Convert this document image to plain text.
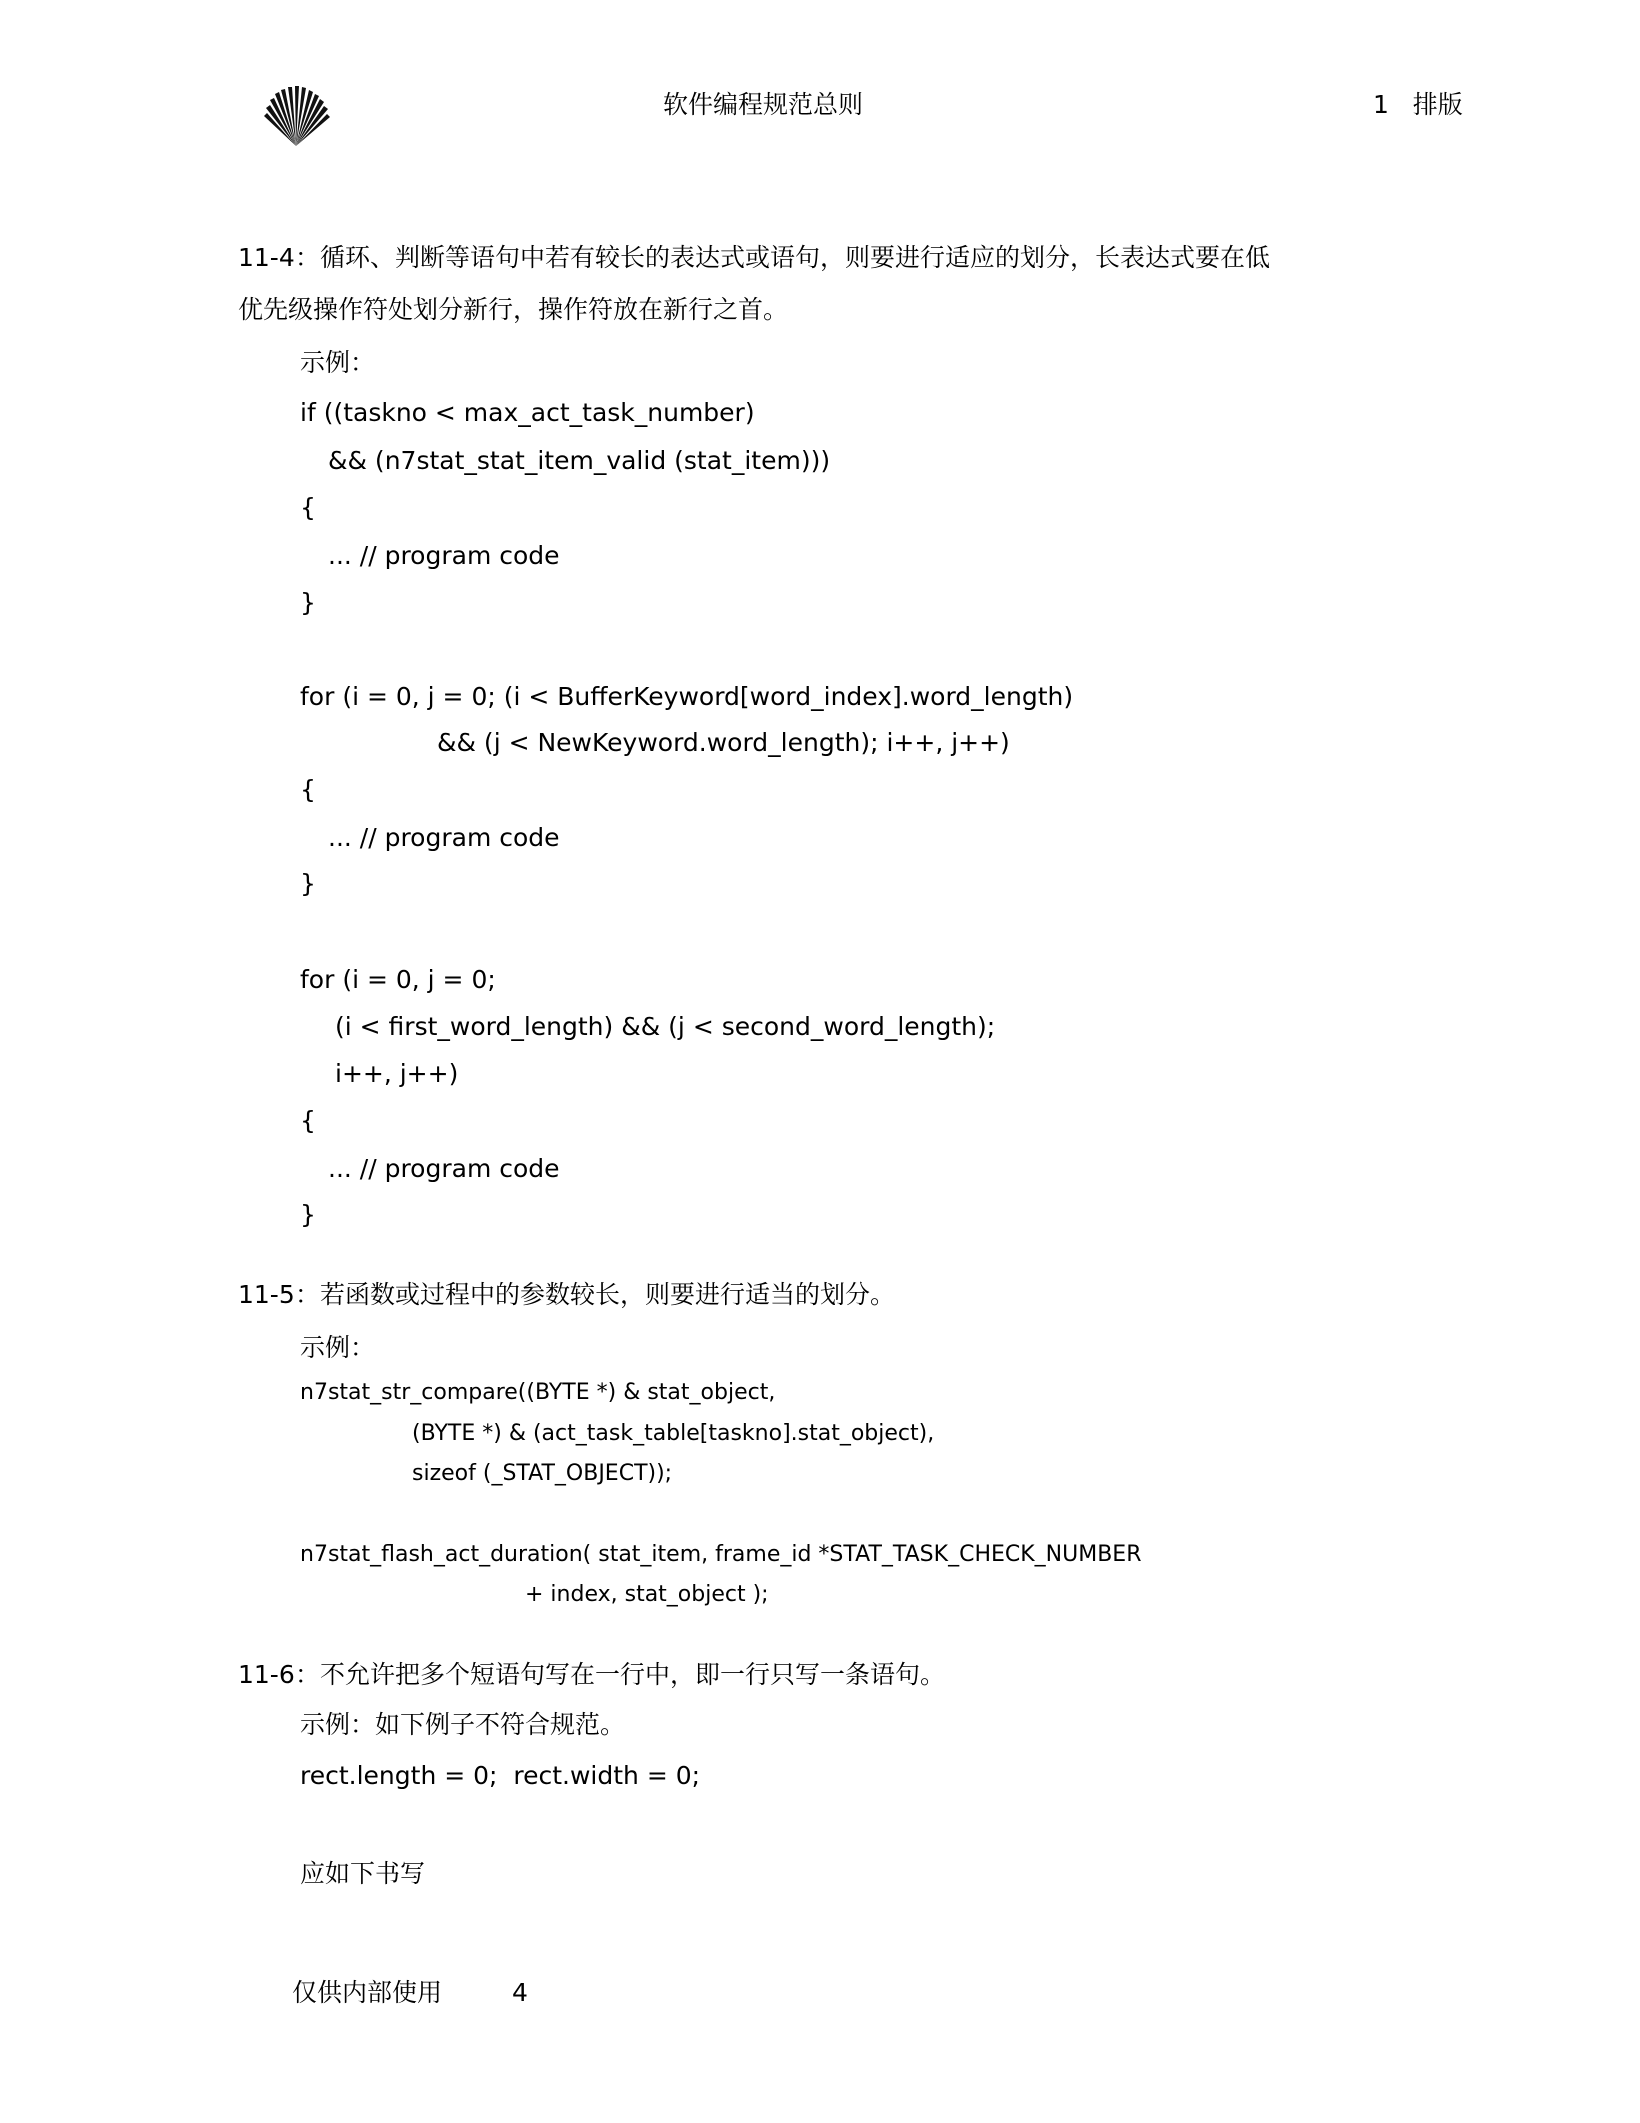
软件编程规范总则	1   排版
11-4 ：循环、判断等语句中若有较长的表达式或语句，则要进行适应的划分，长表达式要在低
优先级操作符处划分新行，操作符放在新行之首。
示例：
if ((taskno < max_act_task_number)
&& (n7stat_stat_item_valid (stat_item)))
{
... // program code
}
for (i = 0, j = 0; (i < BufferKeyword[word_index].word_length)
&& (j < NewKeyword.word_length); i++, j++)
{
... // program code
}
for (i = 0, j = 0;
(i < first_word_length) && (j < second_word_length);
i++, j++)
{
... // program code
}
11-5 ：若函数或过程中的参数较长，则要进行适当的划分。
示例：
n7stat_str_compare((BYTE *) & stat_object,
(BYTE *) & (act_task_table[taskno].stat_object),
sizeof (_STAT_OBJECT));
n7stat_flash_act_duration( stat_item, frame_id *STAT_TASK_CHECK_NUMBER
+ index, stat_object );
11-6 ：不允许把多个短语句写在一行中，即一行只写一条语句。
示例：如下例子不符合规范。
rect.length = 0;  rect.width = 0;
应如下书写
仅供内部使用	4
